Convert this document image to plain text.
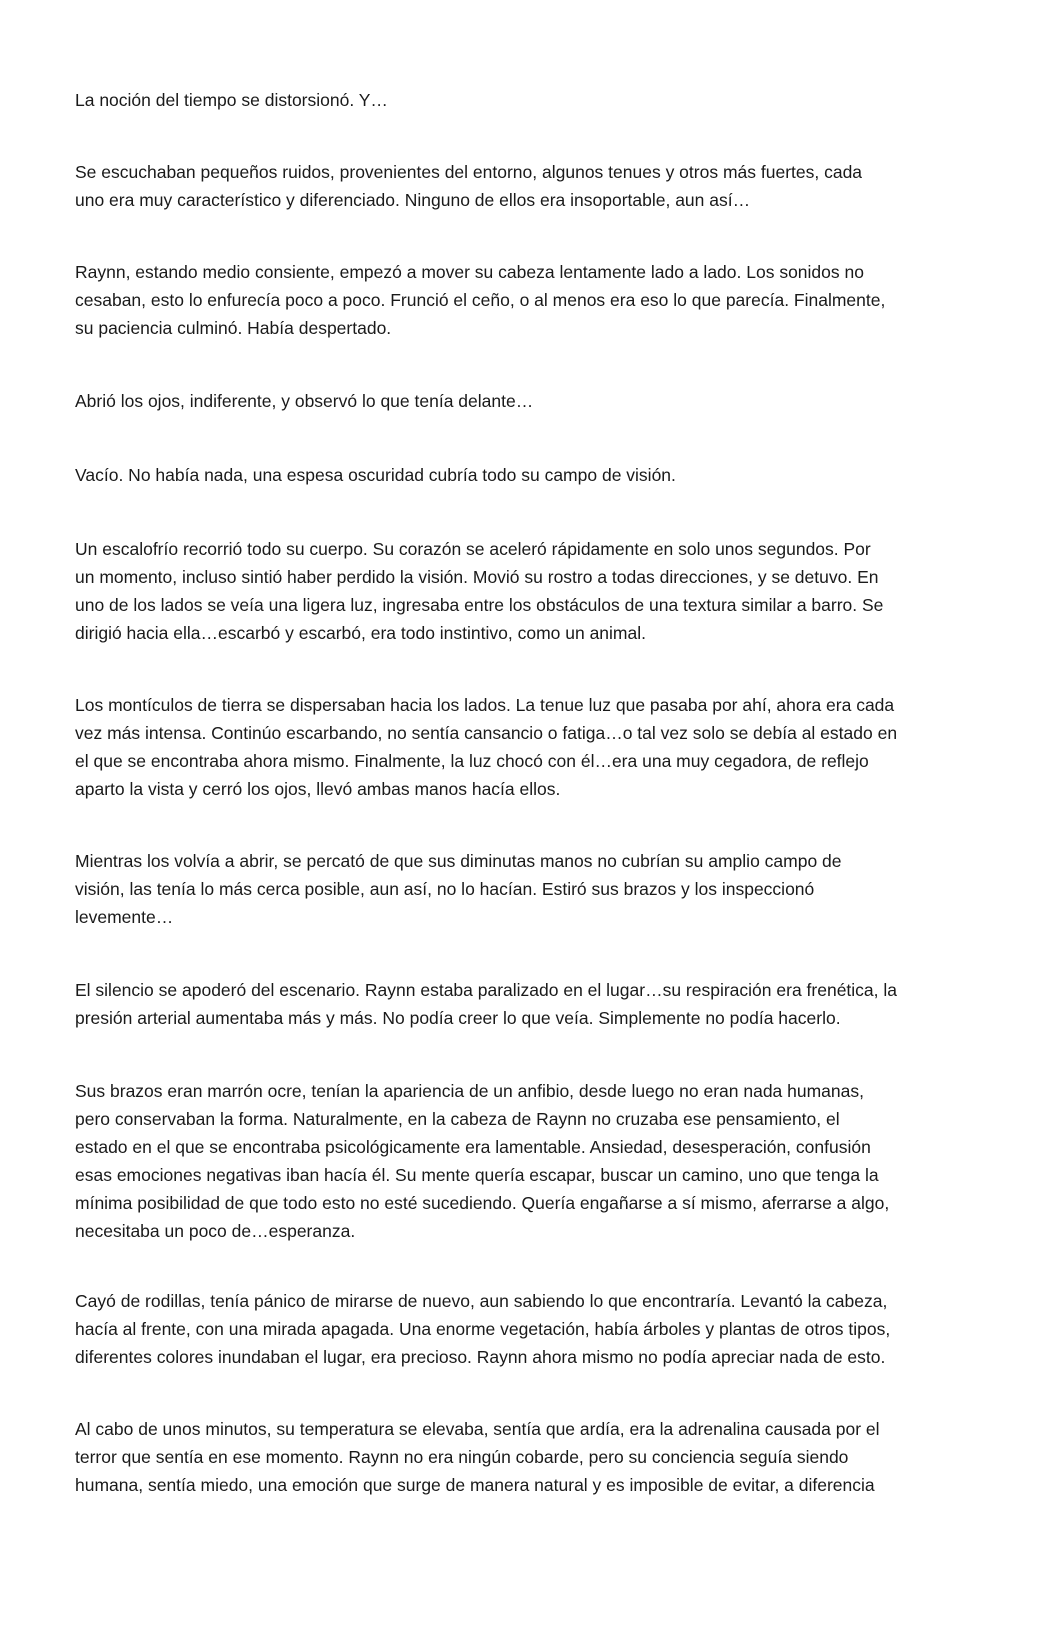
La noción del tiempo se distorsionó. Y…

Se escuchaban pequeños ruidos, provenientes del entorno, algunos tenues y otros más fuertes, cada
uno era muy característico y diferenciado. Ninguno de ellos era insoportable, aun así…

Raynn, estando medio consiente, empezó a mover su cabeza lentamente lado a lado. Los sonidos no
cesaban, esto lo enfurecía poco a poco. Frunció el ceño, o al menos era eso lo que parecía. Finalmente,
su paciencia culminó. Había despertado.

Abrió los ojos, indiferente, y observó lo que tenía delante…

Vacío. No había nada, una espesa oscuridad cubría todo su campo de visión.

Un escalofrío recorrió todo su cuerpo. Su corazón se aceleró rápidamente en solo unos segundos. Por
un momento, incluso sintió haber perdido la visión. Movió su rostro a todas direcciones, y se detuvo. En
uno de los lados se veía una ligera luz, ingresaba entre los obstáculos de una textura similar a barro. Se
dirigió hacia ella…escarbó y escarbó, era todo instintivo, como un animal.

Los montículos de tierra se dispersaban hacia los lados. La tenue luz que pasaba por ahí, ahora era cada
vez más intensa. Continúo escarbando, no sentía cansancio o fatiga…o tal vez solo se debía al estado en
el que se encontraba ahora mismo. Finalmente, la luz chocó con él…era una muy cegadora, de reflejo
aparto la vista y cerró los ojos, llevó ambas manos hacía ellos.

Mientras los volvía a abrir, se percató de que sus diminutas manos no cubrían su amplio campo de
visión, las tenía lo más cerca posible, aun así, no lo hacían. Estiró sus brazos y los inspeccionó
levemente…

El silencio se apoderó del escenario. Raynn estaba paralizado en el lugar…su respiración era frenética, la
presión arterial aumentaba más y más. No podía creer lo que veía. Simplemente no podía hacerlo.

Sus brazos eran marrón ocre, tenían la apariencia de un anfibio, desde luego no eran nada humanas,
pero conservaban la forma. Naturalmente, en la cabeza de Raynn no cruzaba ese pensamiento, el
estado en el que se encontraba psicológicamente era lamentable. Ansiedad, desesperación, confusión
esas emociones negativas iban hacía él. Su mente quería escapar, buscar un camino, uno que tenga la
mínima posibilidad de que todo esto no esté sucediendo. Quería engañarse a sí mismo, aferrarse a algo,
necesitaba un poco de…esperanza.

Cayó de rodillas, tenía pánico de mirarse de nuevo, aun sabiendo lo que encontraría. Levantó la cabeza,
hacía al frente, con una mirada apagada. Una enorme vegetación, había árboles y plantas de otros tipos,
diferentes colores inundaban el lugar, era precioso. Raynn ahora mismo no podía apreciar nada de esto.

Al cabo de unos minutos, su temperatura se elevaba, sentía que ardía, era la adrenalina causada por el
terror que sentía en ese momento. Raynn no era ningún cobarde, pero su conciencia seguía siendo
humana, sentía miedo, una emoción que surge de manera natural y es imposible de evitar, a diferencia
